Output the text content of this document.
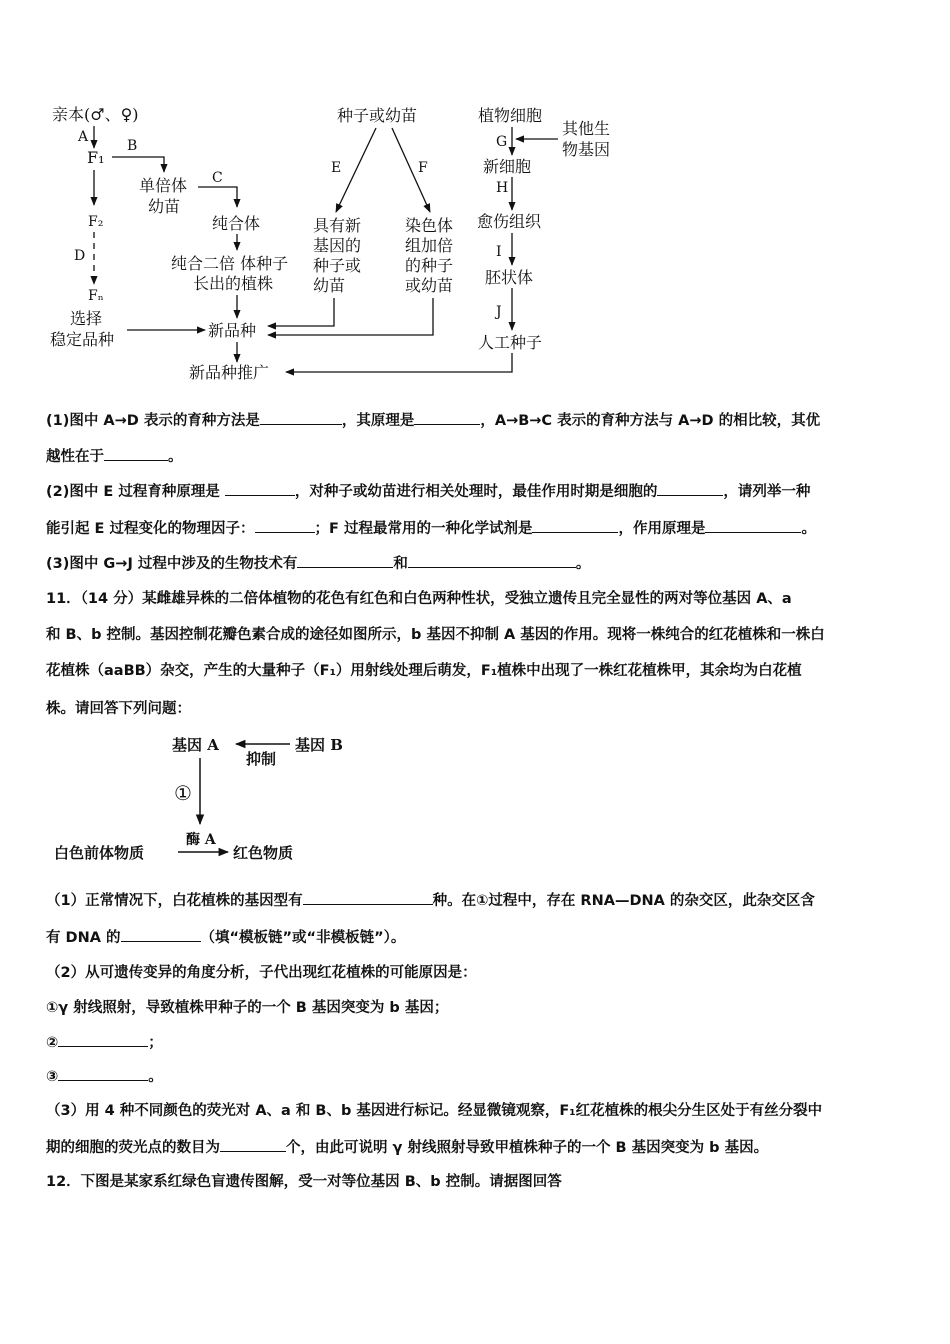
亲本(♂、♀)
A
F₁
B
F₂
D
Fₙ
选择
稳定品种
单倍体
幼苗
C
纯合体
纯合二倍 体种子
长出的植株
新品种
新品种推广
种子或幼苗
E	F
具有新
基因的
种子或
幼苗
染色体
组加倍
的种子
或幼苗
植物细胞
G
其他生
物基因
新细胞
H
愈伤组织
I
胚状体
J
人工种子
(1)图中 A→D 表示的育种方法是	，其原理是	，A→B→C 表示的育种方法与 A→D 的相比较，其优
越性在于	。
(2)图中 E 过程育种原理是	，对种子或幼苗进行相关处理时，最佳作用时期是细胞的	，请列举一种
能引起 E 过程变化的物理因子：	；F 过程最常用的一种化学试剂是	，作用原理是	。
(3)图中 G→J 过程中涉及的生物技术有	和	。
11．（14 分）某雌雄异株的二倍体植物的花色有红色和白色两种性状，受独立遗传且完全显性的两对等位基因 A、a
和 B、b 控制。基因控制花瓣色素合成的途径如图所示，b 基因不抑制 A 基因的作用。现将一株纯合的红花植株和一株白
花植株（aaBB）杂交，产生的大量种子（F₁）用射线处理后萌发，F₁植株中出现了一株红花植株甲，其余均为白花植
株。请回答下列问题：
基因 A
抑制
基因 B
①
酶 A
白色前体物质	红色物质
（1）正常情况下，白花植株的基因型有	种。在①过程中，存在 RNA—DNA 的杂交区，此杂交区含
有 DNA 的	（填“模板链”或“非模板链”）。
（2）从可遗传变异的角度分析，子代出现红花植株的可能原因是：
①γ 射线照射，导致植株甲种子的一个 B 基因突变为 b 基因；
②	；
③	。
（3）用 4 种不同颜色的荧光对 A、a 和 B、b 基因进行标记。经显微镜观察，F₁红花植株的根尖分生区处于有丝分裂中
期的细胞的荧光点的数目为	个，由此可说明 γ 射线照射导致甲植株种子的一个 B 基因突变为 b 基因。
12．下图是某家系红绿色盲遗传图解，受一对等位基因 B、b 控制。请据图回答
